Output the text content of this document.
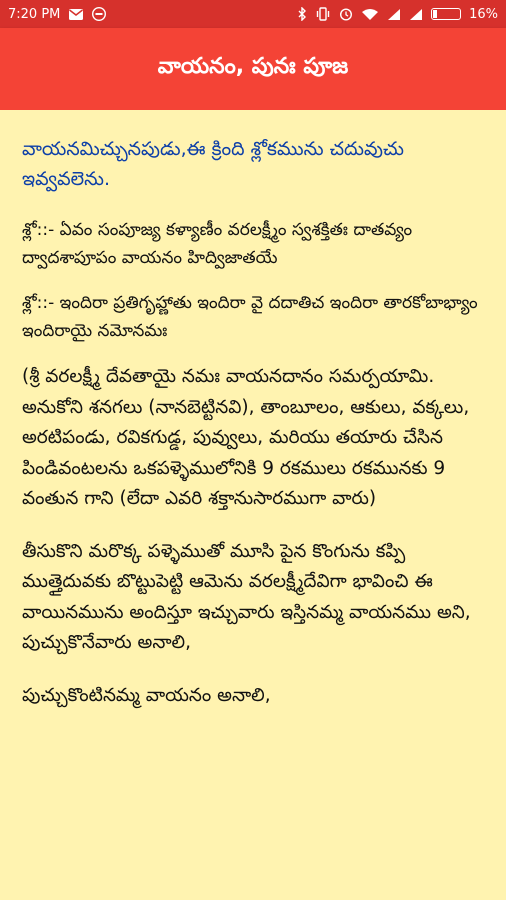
7:20 PM	16%
వాయనం, పునః పూజ

వాయనమిచ్చునపుడు,ఈ క్రింది శ్లోకమును చదువుచు ఇవ్వవలెను.

శ్లో::- ఏవం సంపూజ్య కళ్యాణీం వరలక్ష్మీం స్వశక్తితః దాతవ్యం ద్వాదశాపూపం వాయనం హిద్విజాతయే

శ్లో::- ఇందిరా ప్రతిగృహ్ణాతు ఇందిరా వై దదాతిచ ఇందిరా తారకోబాభ్యాం ఇందిరాయై నమోనమః

(శ్రీ వరలక్ష్మీ దేవతాయై నమః వాయనదానం సమర్పయామి. అనుకోని శనగలు (నానబెట్టినవి), తాంబూలం, ఆకులు, వక్కలు, అరటిపండు, రవికగుడ్డ, పువ్వులు, మరియు తయారు చేసిన పిండివంటలను ఒకపళ్ళెములోనికి 9 రకములు రకమునకు 9 వంతున గాని (లేదా ఎవరి శక్తానుసారముగా వారు)

తీసుకొని మరొక్క పళ్ళెముతో మూసి పైన కొంగును కప్పి ముత్తైదువకు బొట్టుపెట్టి ఆమెను వరలక్ష్మీదేవిగా భావించి ఈ వాయినమును అందిస్తూ ఇచ్చువారు ఇస్తినమ్మ వాయనము అని, పుచ్చుకొనేవారు అనాలి,

పుచ్చుకొంటినమ్మ వాయనం అనాలి,
